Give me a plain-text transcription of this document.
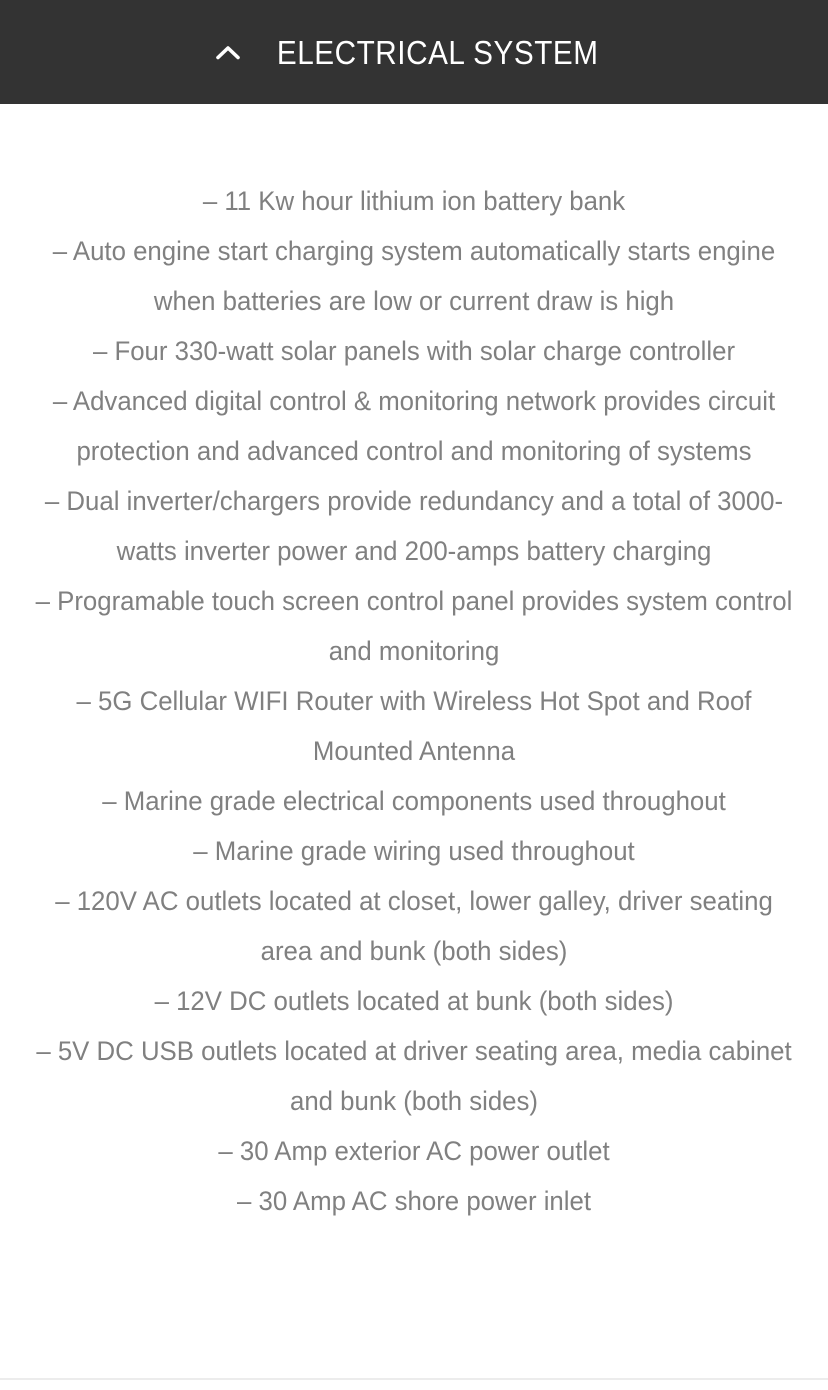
ELECTRICAL SYSTEM
– 11 Kw hour lithium ion battery bank
– Auto engine start charging system automatically starts engine when batteries are low or current draw is high
– Four 330-watt solar panels with solar charge controller
– Advanced digital control & monitoring network provides circuit protection and advanced control and monitoring of systems
– Dual inverter/chargers provide redundancy and a total of 3000-watts inverter power and 200-amps battery charging
– Programable touch screen control panel provides system control and monitoring
– 5G Cellular WIFI Router with Wireless Hot Spot and Roof Mounted Antenna
– Marine grade electrical components used throughout
– Marine grade wiring used throughout
– 120V AC outlets located at closet, lower galley, driver seating area and bunk (both sides)
– 12V DC outlets located at bunk (both sides)
– 5V DC USB outlets located at driver seating area, media cabinet and bunk (both sides)
– 30 Amp exterior AC power outlet
– 30 Amp AC shore power inlet
